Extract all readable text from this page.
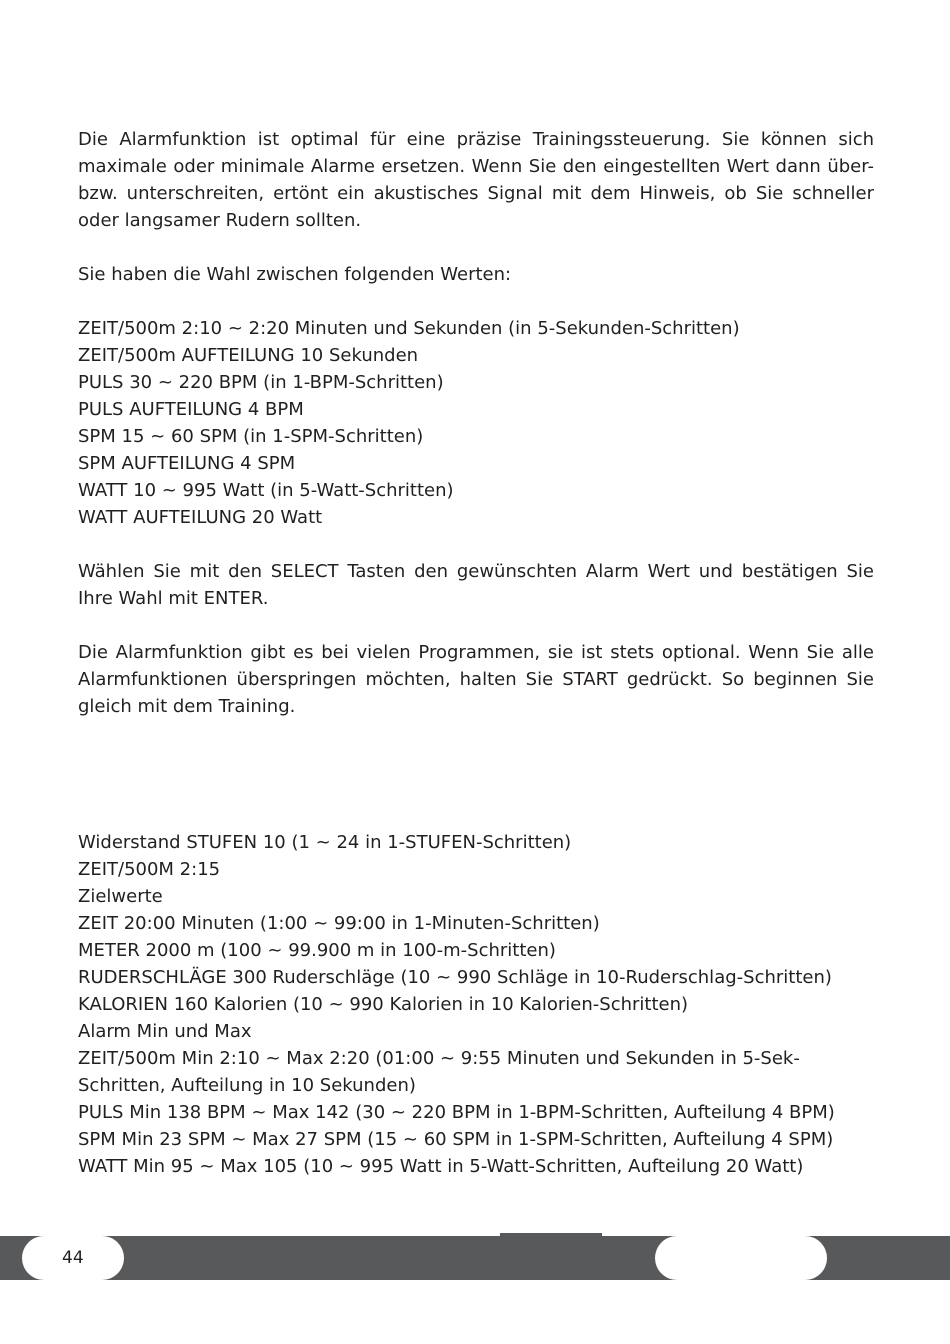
Die Alarmfunktion ist optimal für eine präzise Trainingssteuerung. Sie können sich maximale oder minimale Alarme ersetzen. Wenn Sie den eingestellten Wert dann über- bzw. unterschreiten, ertönt ein akustisches Signal mit dem Hinweis, ob Sie schneller oder langsamer Rudern sollten.

Sie haben die Wahl zwischen folgenden Werten:

ZEIT/500m 2:10 ~ 2:20 Minuten und Sekunden (in 5-Sekunden-Schritten)
ZEIT/500m AUFTEILUNG 10 Sekunden
PULS 30 ~ 220 BPM (in 1-BPM-Schritten)
PULS AUFTEILUNG 4 BPM
SPM 15 ~ 60 SPM (in 1-SPM-Schritten)
SPM AUFTEILUNG 4 SPM
WATT 10 ~ 995 Watt (in 5-Watt-Schritten)
WATT AUFTEILUNG 20 Watt

Wählen Sie mit den SELECT Tasten den gewünschten Alarm Wert und bestätigen Sie Ihre Wahl mit ENTER.

Die Alarmfunktion gibt es bei vielen Programmen, sie ist stets optional. Wenn Sie alle Alarmfunktionen überspringen möchten, halten Sie START gedrückt. So beginnen Sie gleich mit dem Training.

Widerstand STUFEN 10 (1 ~ 24 in 1-STUFEN-Schritten)
ZEIT/500M 2:15
Zielwerte
ZEIT 20:00 Minuten (1:00 ~ 99:00 in 1-Minuten-Schritten)
METER 2000 m (100 ~ 99.900 m in 100-m-Schritten)
RUDERSCHLÄGE 300 Ruderschläge (10 ~ 990 Schläge in 10-Ruderschlag-Schritten)
KALORIEN 160 Kalorien (10 ~ 990 Kalorien in 10 Kalorien-Schritten)
Alarm Min und Max
ZEIT/500m Min 2:10 ~ Max 2:20 (01:00 ~ 9:55 Minuten und Sekunden in 5-Sek-Schritten, Aufteilung in 10 Sekunden)
PULS Min 138 BPM ~ Max 142 (30 ~ 220 BPM in 1-BPM-Schritten, Aufteilung 4 BPM)
SPM Min 23 SPM ~ Max 27 SPM (15 ~ 60 SPM in 1-SPM-Schritten, Aufteilung 4 SPM)
WATT Min 95 ~ Max 105 (10 ~ 995 Watt in 5-Watt-Schritten, Aufteilung 20 Watt)
44
